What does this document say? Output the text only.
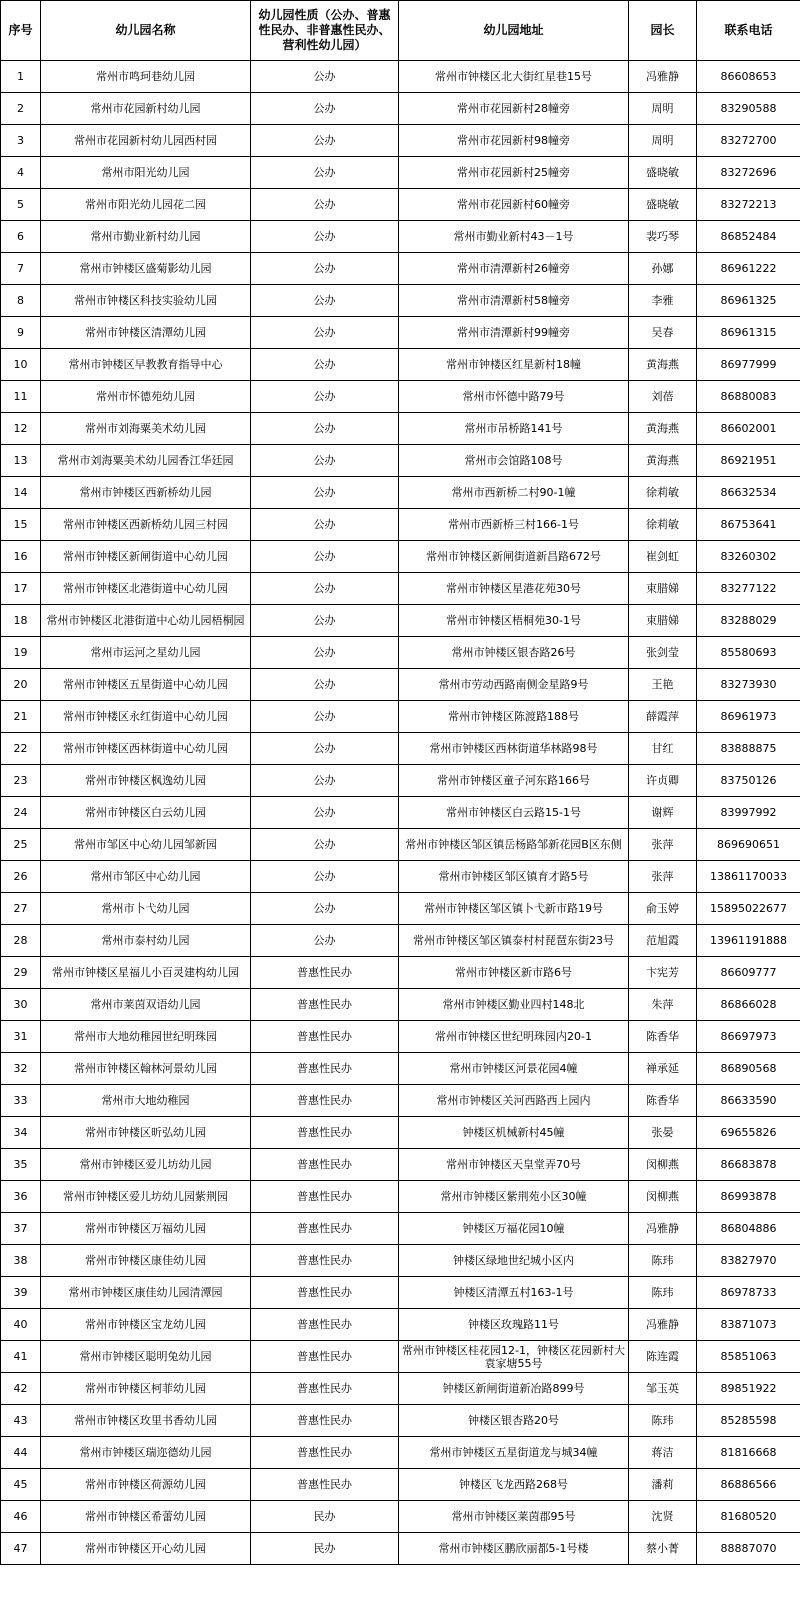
序号	幼儿园名称	幼儿园性质（公办、普惠性民办、非普惠性民办、营利性幼儿园）	幼儿园地址	园长	联系电话
1	常州市鸣珂巷幼儿园	公办	常州市钟楼区北大街红星巷15号	冯雅静	86608653
2	常州市花园新村幼儿园	公办	常州市花园新村28幢旁	周明	83290588
3	常州市花园新村幼儿园西村园	公办	常州市花园新村98幢旁	周明	83272700
4	常州市阳光幼儿园	公办	常州市花园新村25幢旁	盛晓敏	83272696
5	常州市阳光幼儿园花二园	公办	常州市花园新村60幢旁	盛晓敏	83272213
6	常州市勤业新村幼儿园	公办	常州市勤业新村43－1号	裴巧琴	86852484
7	常州市钟楼区盛菊影幼儿园	公办	常州市清潭新村26幢旁	孙娜	86961222
8	常州市钟楼区科技实验幼儿园	公办	常州市清潭新村58幢旁	李雅	86961325
9	常州市钟楼区清潭幼儿园	公办	常州市清潭新村99幢旁	吴春	86961315
10	常州市钟楼区早教教育指导中心	公办	常州市钟楼区红星新村18幢	黄海燕	86977999
11	常州市怀德苑幼儿园	公办	常州市怀德中路79号	刘蓓	86880083
12	常州市刘海粟美术幼儿园	公办	常州市吊桥路141号	黄海燕	86602001
13	常州市刘海粟美术幼儿园香江华廷园	公办	常州市会馆路108号	黄海燕	86921951
14	常州市钟楼区西新桥幼儿园	公办	常州市西新桥二村90-1幢	徐莉敏	86632534
15	常州市钟楼区西新桥幼儿园三村园	公办	常州市西新桥三村166-1号	徐莉敏	86753641
16	常州市钟楼区新闸街道中心幼儿园	公办	常州市钟楼区新闸街道新昌路672号	崔剑虹	83260302
17	常州市钟楼区北港街道中心幼儿园	公办	常州市钟楼区星港花苑30号	束腊娣	83277122
18	常州市钟楼区北港街道中心幼儿园梧桐园	公办	常州市钟楼区梧桐苑30-1号	束腊娣	83288029
19	常州市运河之星幼儿园	公办	常州市钟楼区银杏路26号	张剑莹	85580693
20	常州市钟楼区五星街道中心幼儿园	公办	常州市劳动西路南侧金星路9号	王艳	83273930
21	常州市钟楼区永红街道中心幼儿园	公办	常州市钟楼区陈渡路188号	薛霞萍	86961973
22	常州市钟楼区西林街道中心幼儿园	公办	常州市钟楼区西林街道华林路98号	甘红	83888875
23	常州市钟楼区枫逸幼儿园	公办	常州市钟楼区童子河东路166号	许贞卿	83750126
24	常州市钟楼区白云幼儿园	公办	常州市钟楼区白云路15-1号	谢辉	83997992
25	常州市邹区中心幼儿园邹新园	公办	常州市钟楼区邹区镇岳杨路邹新花园B区东侧	张萍	869690651
26	常州市邹区中心幼儿园	公办	常州市钟楼区邹区镇育才路5号	张萍	13861170033
27	常州市卜弋幼儿园	公办	常州市钟楼区邹区镇卜弋新市路19号	俞玉婷	15895022677
28	常州市泰村幼儿园	公办	常州市钟楼区邹区镇泰村村琵琶东街23号	范旭霞	13961191888
29	常州市钟楼区星福儿小百灵建构幼儿园	普惠性民办	常州市钟楼区新市路6号	卞宪芳	86609777
30	常州市莱茵双语幼儿园	普惠性民办	常州市钟楼区勤业四村148北	朱萍	86866028
31	常州市大地幼稚园世纪明珠园	普惠性民办	常州市钟楼区世纪明珠园内20-1	陈香华	86697973
32	常州市钟楼区翰林河景幼儿园	普惠性民办	常州市钟楼区河景花园4幢	禅承延	86890568
33	常州市大地幼稚园	普惠性民办	常州市钟楼区关河西路西上园内	陈香华	86633590
34	常州市钟楼区昕弘幼儿园	普惠性民办	钟楼区机械新村45幢	张晏	69655826
35	常州市钟楼区爱儿坊幼儿园	普惠性民办	常州市钟楼区天皇堂弄70号	闵柳燕	86683878
36	常州市钟楼区爱儿坊幼儿园紫荆园	普惠性民办	常州市钟楼区紫荆苑小区30幢	闵柳燕	86993878
37	常州市钟楼区万福幼儿园	普惠性民办	钟楼区万福花园10幢	冯雅静	86804886
38	常州市钟楼区康佳幼儿园	普惠性民办	钟楼区绿地世纪城小区内	陈玮	83827970
39	常州市钟楼区康佳幼儿园清潭园	普惠性民办	钟楼区清潭五村163-1号	陈玮	86978733
40	常州市钟楼区宝龙幼儿园	普惠性民办	钟楼区玫瑰路11号	冯雅静	83871073
41	常州市钟楼区聪明兔幼儿园	普惠性民办	常州市钟楼区桂花园12-1，钟楼区花园新村大袁家塘55号	陈连霞	85851063
42	常州市钟楼区柯菲幼儿园	普惠性民办	钟楼区新闸街道新冶路899号	邹玉英	89851922
43	常州市钟楼区玫里书香幼儿园	普惠性民办	钟楼区银杏路20号	陈玮	85285598
44	常州市钟楼区瑞迩德幼儿园	普惠性民办	常州市钟楼区五星街道龙与城34幢	蒋洁	81816668
45	常州市钟楼区荷源幼儿园	普惠性民办	钟楼区飞龙西路268号	潘莉	86886566
46	常州市钟楼区希蕾幼儿园	民办	常州市钟楼区莱茵郡95号	沈贤	81680520
47	常州市钟楼区开心幼儿园	民办	常州市钟楼区鹏欣丽都5-1号楼	蔡小菁	88887070
